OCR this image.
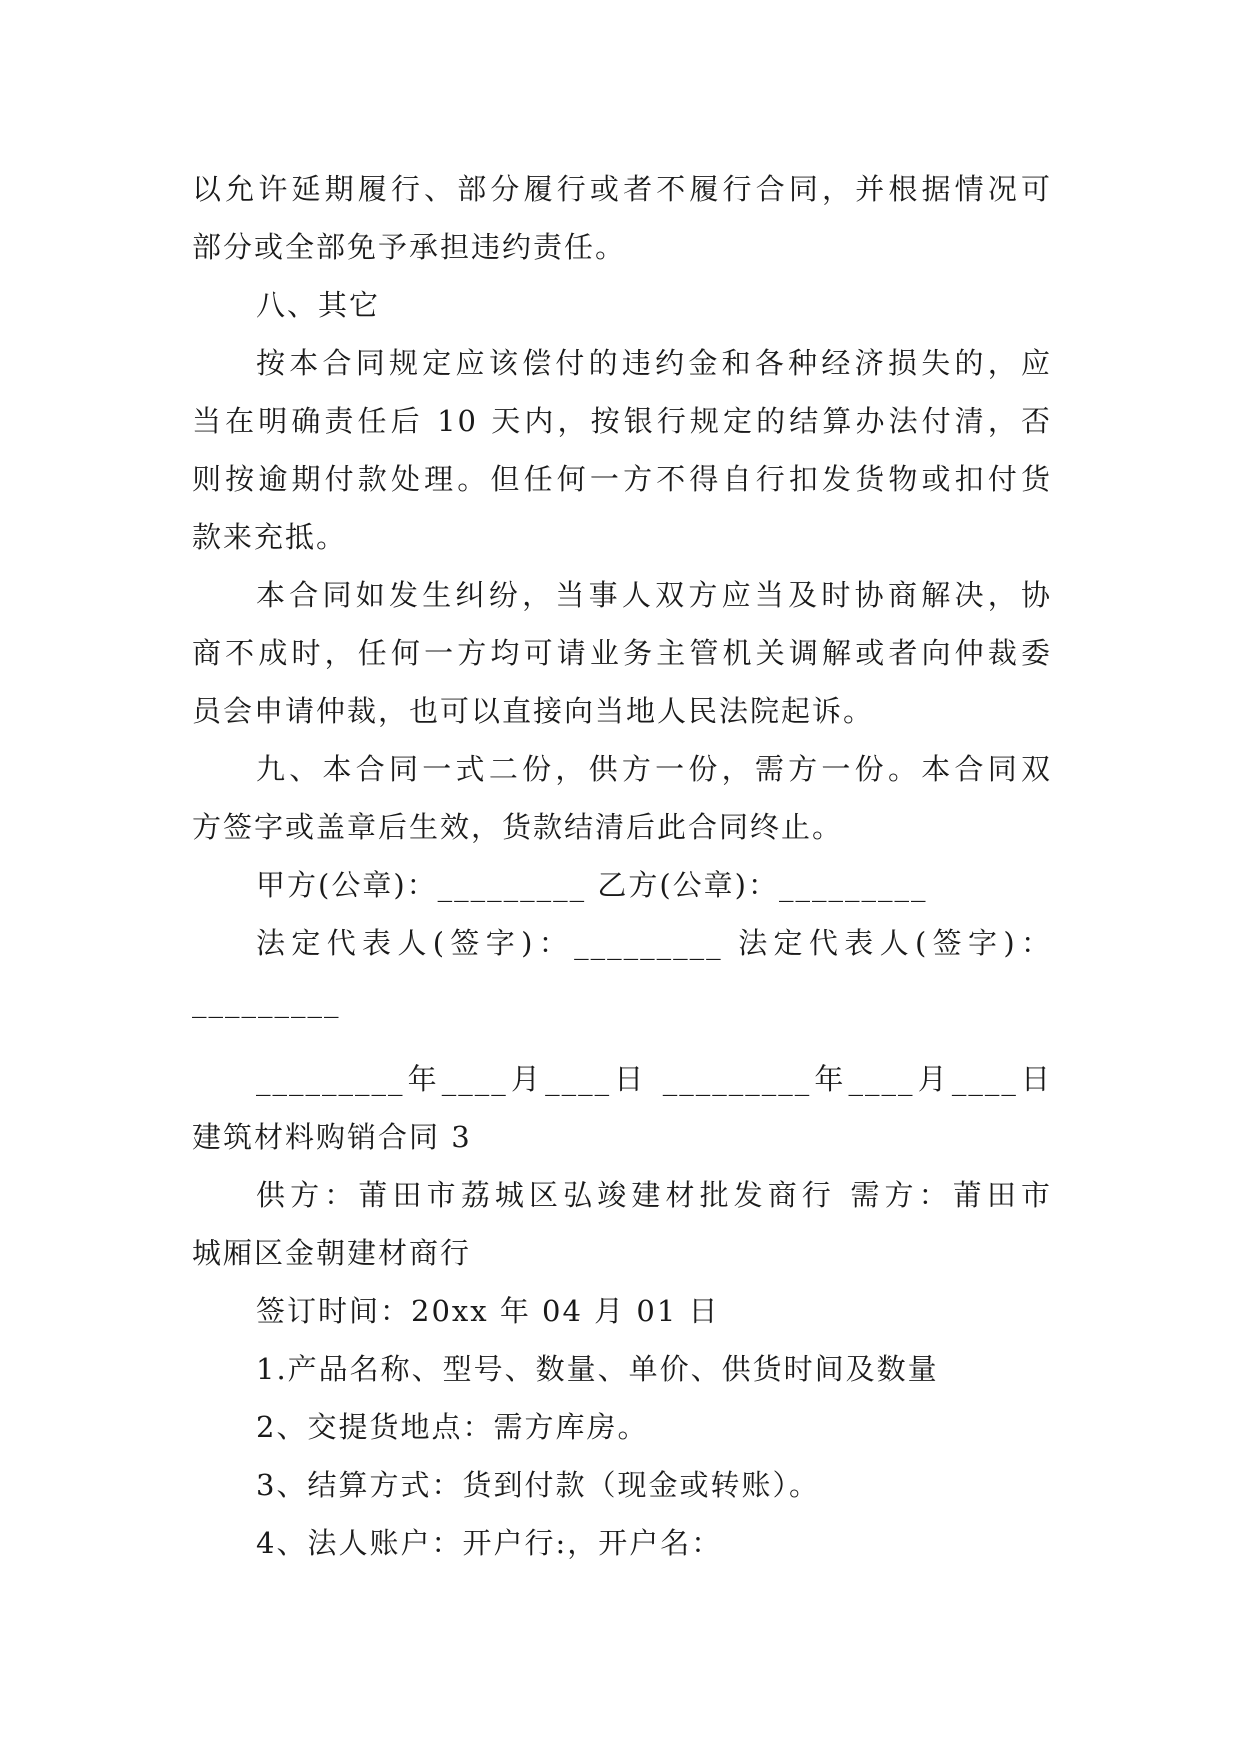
以允许延期履行、部分履行或者不履行合同，并根据情况可
部分或全部免予承担违约责任。
八、其它
按本合同规定应该偿付的违约金和各种经济损失的，应
当在明确责任后 10 天内，按银行规定的结算办法付清，否
则按逾期付款处理。但任何一方不得自行扣发货物或扣付货
款来充抵。
本合同如发生纠纷，当事人双方应当及时协商解决，协
商不成时，任何一方均可请业务主管机关调解或者向仲裁委
员会申请仲裁，也可以直接向当地人民法院起诉。
九、本合同一式二份，供方一份，需方一份。本合同双
方签字或盖章后生效，货款结清后此合同终止。
甲方(公章)：_________ 乙方(公章)：_________
法定代表人(签字)：_________ 法定代表人(签字)：
_________
_________年____月____日 _________年____月____日
建筑材料购销合同 3
供方：莆田市荔城区弘竣建材批发商行 需方：莆田市
城厢区金朝建材商行
签订时间：20xx 年 04 月 01 日
1.产品名称、型号、数量、单价、供货时间及数量
2、交提货地点：需方库房。
3、结算方式：货到付款（现金或转账）。
4、法人账户：开户行:，开户名：
